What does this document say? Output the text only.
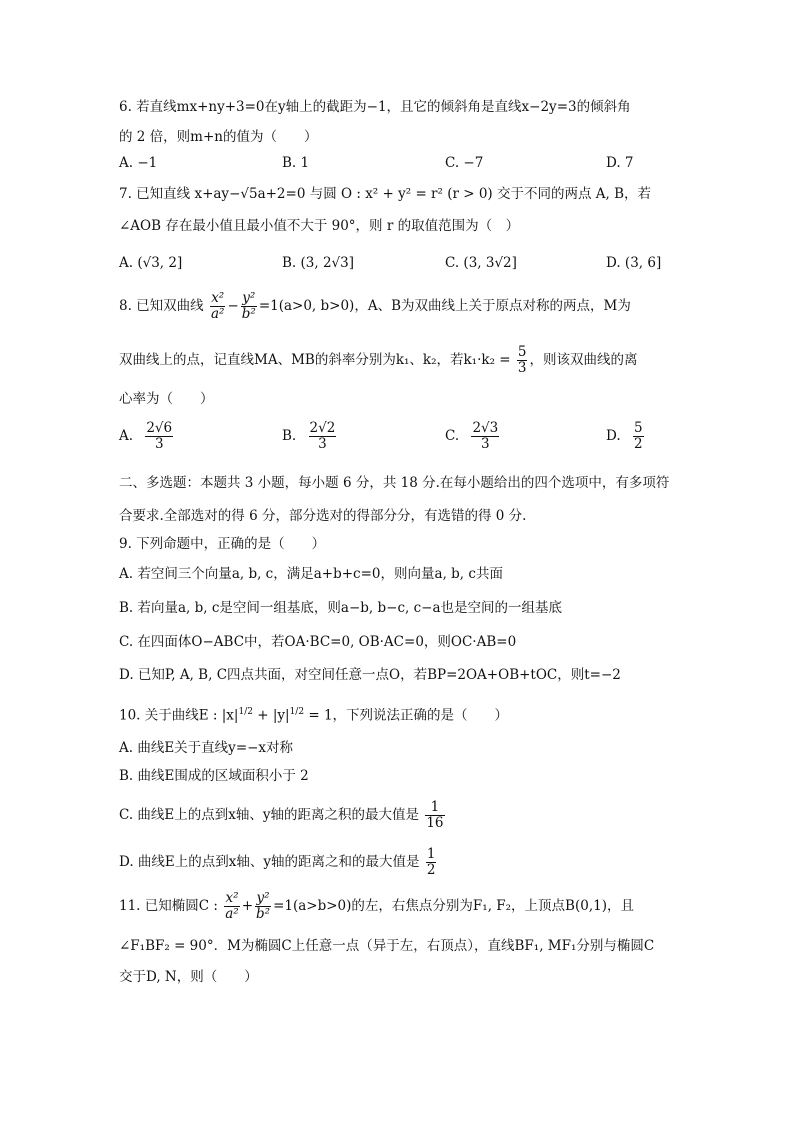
6. 若直线mx+ny+3=0在y轴上的截距为−1，且它的倾斜角是直线x−2y=3的倾斜角
的 2 倍，则m+n的值为（　　）
A. −1	B. 1	C. −7	D. 7
7. 已知直线 x+ay−√5a+2=0 与圆 O : x² + y² = r² (r > 0) 交于不同的两点 A, B，若
∠AOB 存在最小值且最小值不大于 90°，则 r 的取值范围为（　）
A. (√3, 2]	B. (3, 2√3]	C. (3, 3√2]	D. (3, 6]
8. 已知双曲线 $\frac{\text{x²}}{\text{a²}} - \frac{\text{y²}}{\text{b²}} =1(a>0$, b>0)，A、B为双曲线上关于原点对称的两点，M为
双曲线上的点，记直线MA、MB的斜率分别为k₁、k₂，若$k_1\cdot k_2 = \frac{5}{3}$ ，则该双曲线的离
心率为（　　）
A. $\frac{2√6}{3}$	B. $\frac{2√2}{3}$	C. $\frac{2√3}{3}$	D. $\frac{5}{2}$
二、多选题：本题共 3 小题，每小题 6 分，共 18 分.在每小题给出的四个选项中，有多项符
合要求.全部选对的得 6 分，部分选对的得部分分，有选错的得 0 分.
9. 下列命题中，正确的是（　　）
A. 若空间三个向量a, b, c，满足a+b+c=0，则向量a, b, c共面
B. 若向量a, b, c是空间一组基底，则a−b, b−c, c−a也是空间的一组基底
C. 在四面体O−ABC中，若OA·BC=0, OB·AC=0，则OC·AB=0
D. 已知P, A, B, C四点共面，对空间任意一点O，若BP=2OA+OB+tOC，则t=−2
10. 关于曲线E : $|x|^{1/2} + |y|^{1/2} = 1$，下列说法正确的是（　　）
A. 曲线E关于直线y=−x对称
B. 曲线E围成的区域面积小于 2
C. 曲线E上的点到x轴、y轴的距离之积的最大值是 $\frac{1}{16}$
D. 曲线E上的点到x轴、y轴的距离之和的最大值是 $\frac{1}{2}$
11. 已知椭圆C : $\frac{\text{x²}}{\text{a²}} + \frac{\text{y²}}{\text{b²}} =1(a>b>0)$的左，右焦点分别为F₁, F₂，上顶点B(0,1)，且
∠F₁BF₂ = 90°．M为椭圆C上任意一点（异于左，右顶点），直线BF₁, MF₁分别与椭圆C
交于D, N，则（　　）
